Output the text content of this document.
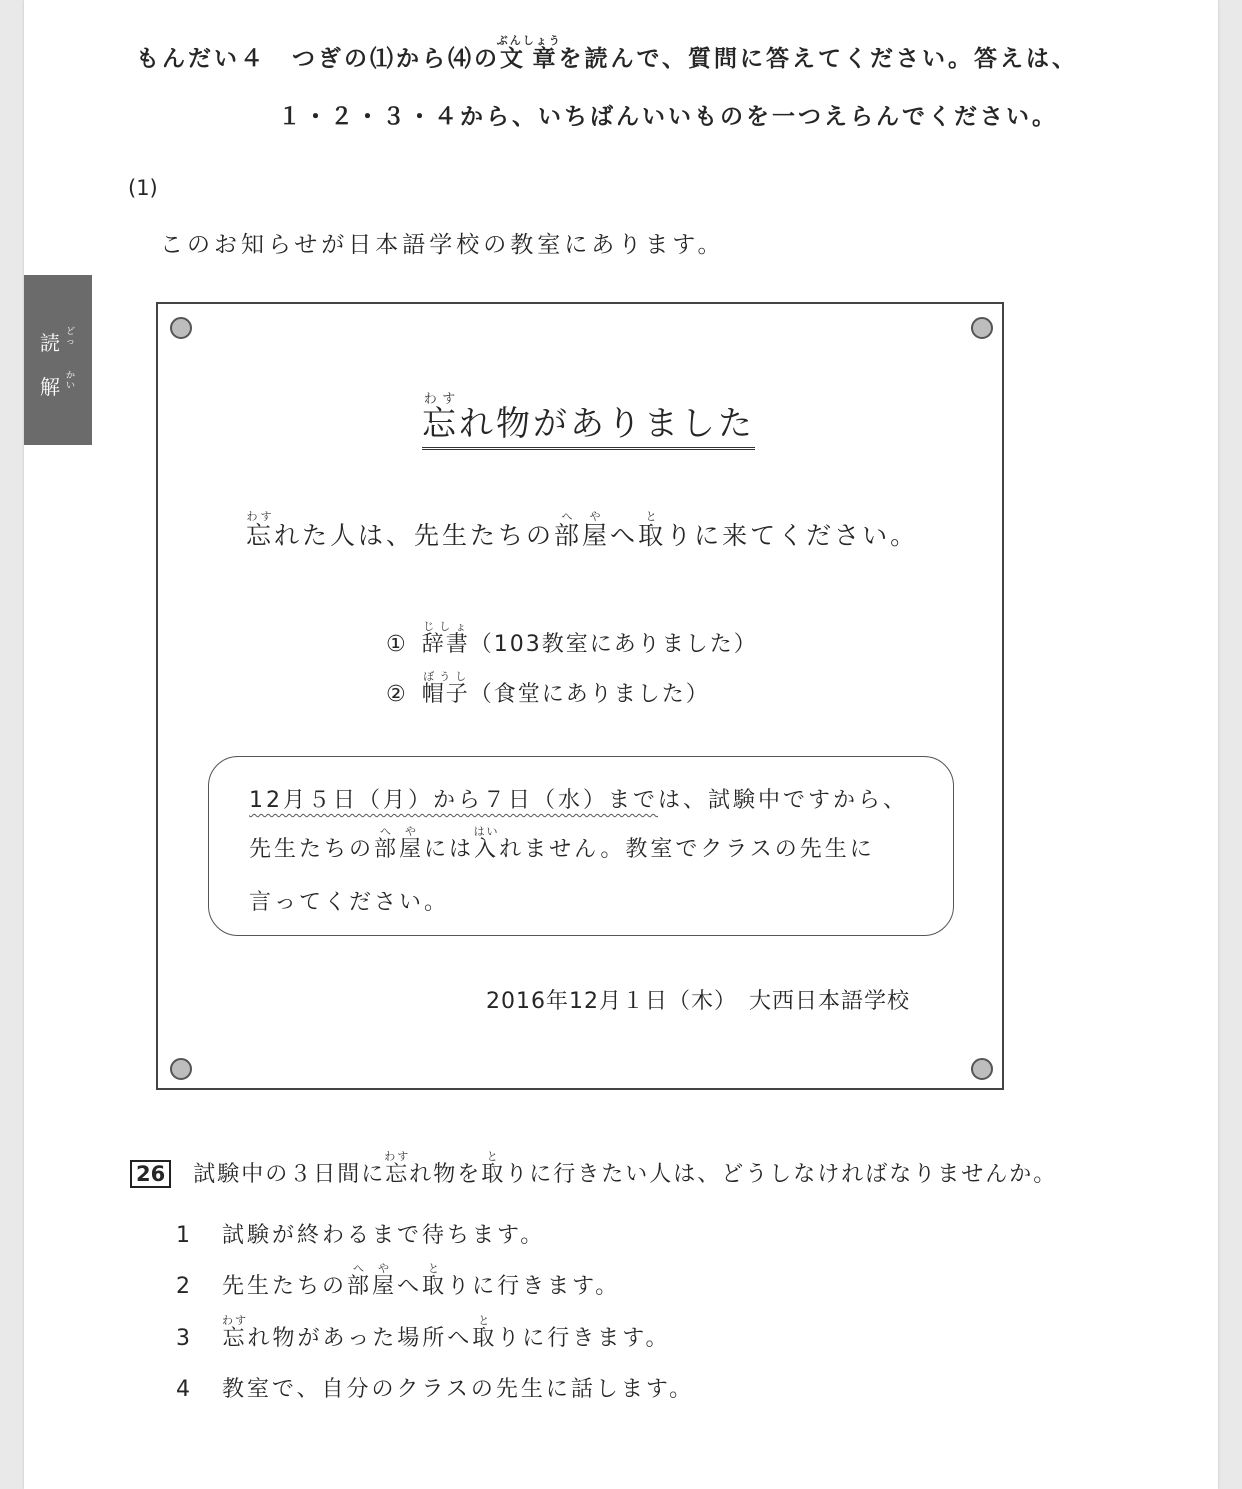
もんだい４　つぎの⑴から⑷の文章ぶんしょうを読んで、質問に答えてください。答えは、
１・２・３・４から、いちばんいいものを一つえらんでください。
(1)
このお知らせが日本語学校の教室にあります。
忘わすれ物がありました
忘わすれた人は、先生たちの部屋へやへ取とりに来てください。
① 辞書じしょ（103教室にありました）
② 帽子ぼうし（食堂にありました）
12月５日（月）から７日（水）までは、試験中ですから、
先生たちの部屋へやには入はいれません。教室でクラスの先生に
言ってください。
2016年12月１日（木）　大西日本語学校
26 試験中の３日間に忘わすれ物を取とりに行きたい人は、どうしなければなりませんか。
1 試験が終わるまで待ちます。
2 先生たちの部屋へやへ取とりに行きます。
3 忘わすれ物があった場所へ取とりに行きます。
4 教室で、自分のクラスの先生に話します。
読 どっ
解 かい
